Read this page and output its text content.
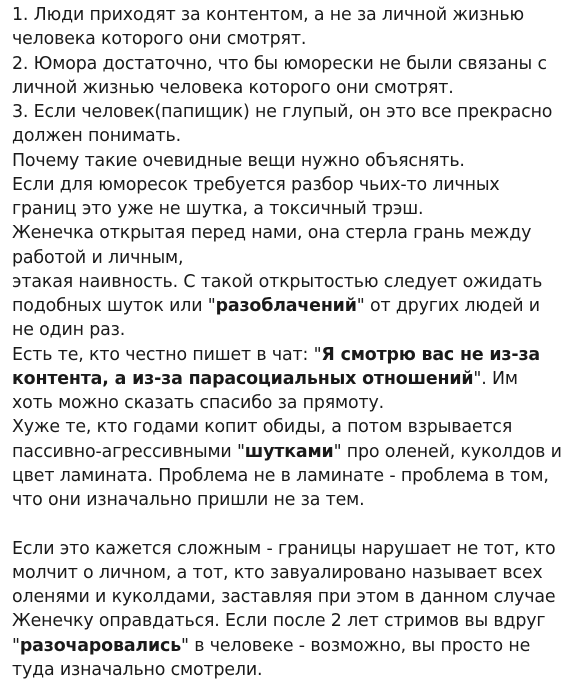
1. Люди приходят за контентом, а не за личной жизнью человека которого они смотрят.

2. Юмора достаточно, что бы юморески не были связаны с личной жизнью человека которого они смотрят.

3. Если человек(папищик) не глупый, он это все прекрасно должен понимать.

Почему такие очевидные вещи нужно объяснять.

Если для юморесок требуется разбор чьих-то личных границ это уже не шутка, а токсичный трэш.

Женечка открытая перед нами, она стерла грань между работой и личным,

этакая наивность. С такой открытостью следует ожидать подобных шуток или "разоблачений" от других людей и не один раз.

Есть те, кто честно пишет в чат: "Я смотрю вас не из-за контента, а из-за парасоциальных отношений". Им хоть можно сказать спасибо за прямоту.

Хуже те, кто годами копит обиды, а потом взрывается пассивно-агрессивными "шутками" про оленей, куколдов и цвет ламината. Проблема не в ламинате - проблема в том, что они изначально пришли не за тем.

Если это кажется сложным - границы нарушает не тот, кто молчит о личном, а тот, кто завуалировано называет всех оленями и куколдами, заставляя при этом в данном случае Женечку оправдаться. Если после 2 лет стримов вы вдруг "разочаровались" в человеке - возможно, вы просто не туда изначально смотрели.
